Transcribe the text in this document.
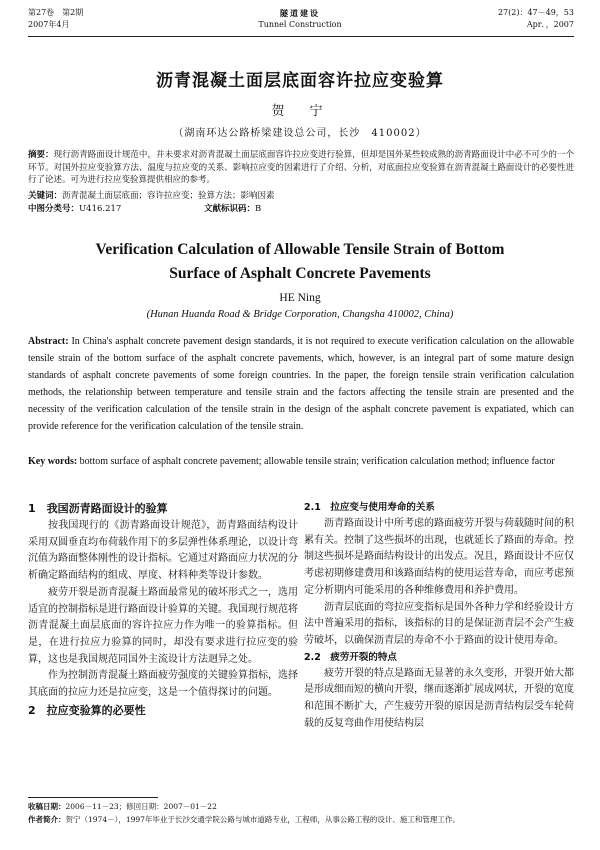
第27卷　第2期
2007年4月
隧道建设
Tunnel Construction
27(2)：47－49，53
Apr．，2007
沥青混凝土面层底面容许拉应变验算
贺　宁
（湖南环达公路桥梁建设总公司，长沙　410002）
摘要：现行沥青路面设计规范中，并未要求对沥青混凝土面层底面容许拉应变进行验算，但却是国外某些较成熟的沥青路面设计中必不可少的一个环节。对国外拉应变验算方法、温度与拉应变的关系、影响拉应变的因素进行了介绍、分析，对底面拉应变验算在沥青混凝土路面设计的必要性进行了论述。可为进行拉应变验算提供相应的参考。
关键词：沥青混凝土面层底面；容许拉应变；验算方法；影响因素
中图分类号：U416.217	文献标识码：B
Verification Calculation of Allowable Tensile Strain of Bottom
Surface of Asphalt Concrete Pavements
HE Ning
(Hunan Huanda Road & Bridge Corporation, Changsha 410002, China)
Abstract: In China's asphalt concrete pavement design standards, it is not required to execute verification calculation on the allowable tensile strain of the bottom surface of the asphalt concrete pavements, which, however, is an integral part of some mature design standards of asphalt concrete pavements of some foreign countries. In the paper, the foreign tensile strain verification calculation methods, the relationship between temperature and tensile strain and the factors affecting the tensile strain are presented and the necessity of the verification calculation of the tensile strain in the design of the asphalt concrete pavement is expatiated, which can provide reference for the verification calculation of the tensile strain.
Key words: bottom surface of asphalt concrete pavement; allowable tensile strain; verification calculation method; influence factor
1　我国沥青路面设计的验算

按我国现行的《沥青路面设计规范》，沥青路面结构设计采用双圆垂直均布荷载作用下的多层弹性体系理论，以设计弯沉值为路面整体刚性的设计指标。它通过对路面应力状况的分析确定路面结构的组成、厚度、材料种类等设计参数。

疲劳开裂是沥青混凝土路面最常见的破坏形式之一，选用适宜的控制指标是进行路面设计验算的关键。我国现行规范将沥青混凝土面层底面的容许拉应力作为唯一的验算指标。但是，在进行拉应力验算的同时，却没有要求进行拉应变的验算，这也是我国规范同国外主流设计方法迥异之处。

作为控制沥青混凝土路面疲劳强度的关键验算指标，选择其底面的拉应力还是拉应变，这是一个值得探讨的问题。

2　拉应变验算的必要性
2.1　拉应变与使用寿命的关系

沥青路面设计中所考虑的路面疲劳开裂与荷载随时间的积累有关。控制了这些损坏的出现，也就延长了路面的寿命。控制这些损坏是路面结构设计的出发点。况且，路面设计不应仅考虑初期修建费用和该路面结构的使用运营寿命，而应考虑预定分析期内可能采用的各种维修费用和养护费用。

沥青层底面的弯拉应变指标是国外各种力学和经验设计方法中普遍采用的指标，该指标的目的是保证沥青层不会产生疲劳破坏，以确保沥青层的寿命不小于路面的设计使用寿命。

2.2　疲劳开裂的特点

疲劳开裂的特点是路面无显著的永久变形，开裂开始大都是形成细而短的横向开裂，继而逐渐扩展成网状，开裂的宽度和范围不断扩大，产生疲劳开裂的原因是沥青结构层受车轮荷载的反复弯曲作用使结构层

收稿日期：2006－11－23；修回日期：2007－01－22
作者简介：贺宁（1974－），1997年毕业于长沙交通学院公路与城市道路专业，工程师，从事公路工程的设计、施工和管理工作。
